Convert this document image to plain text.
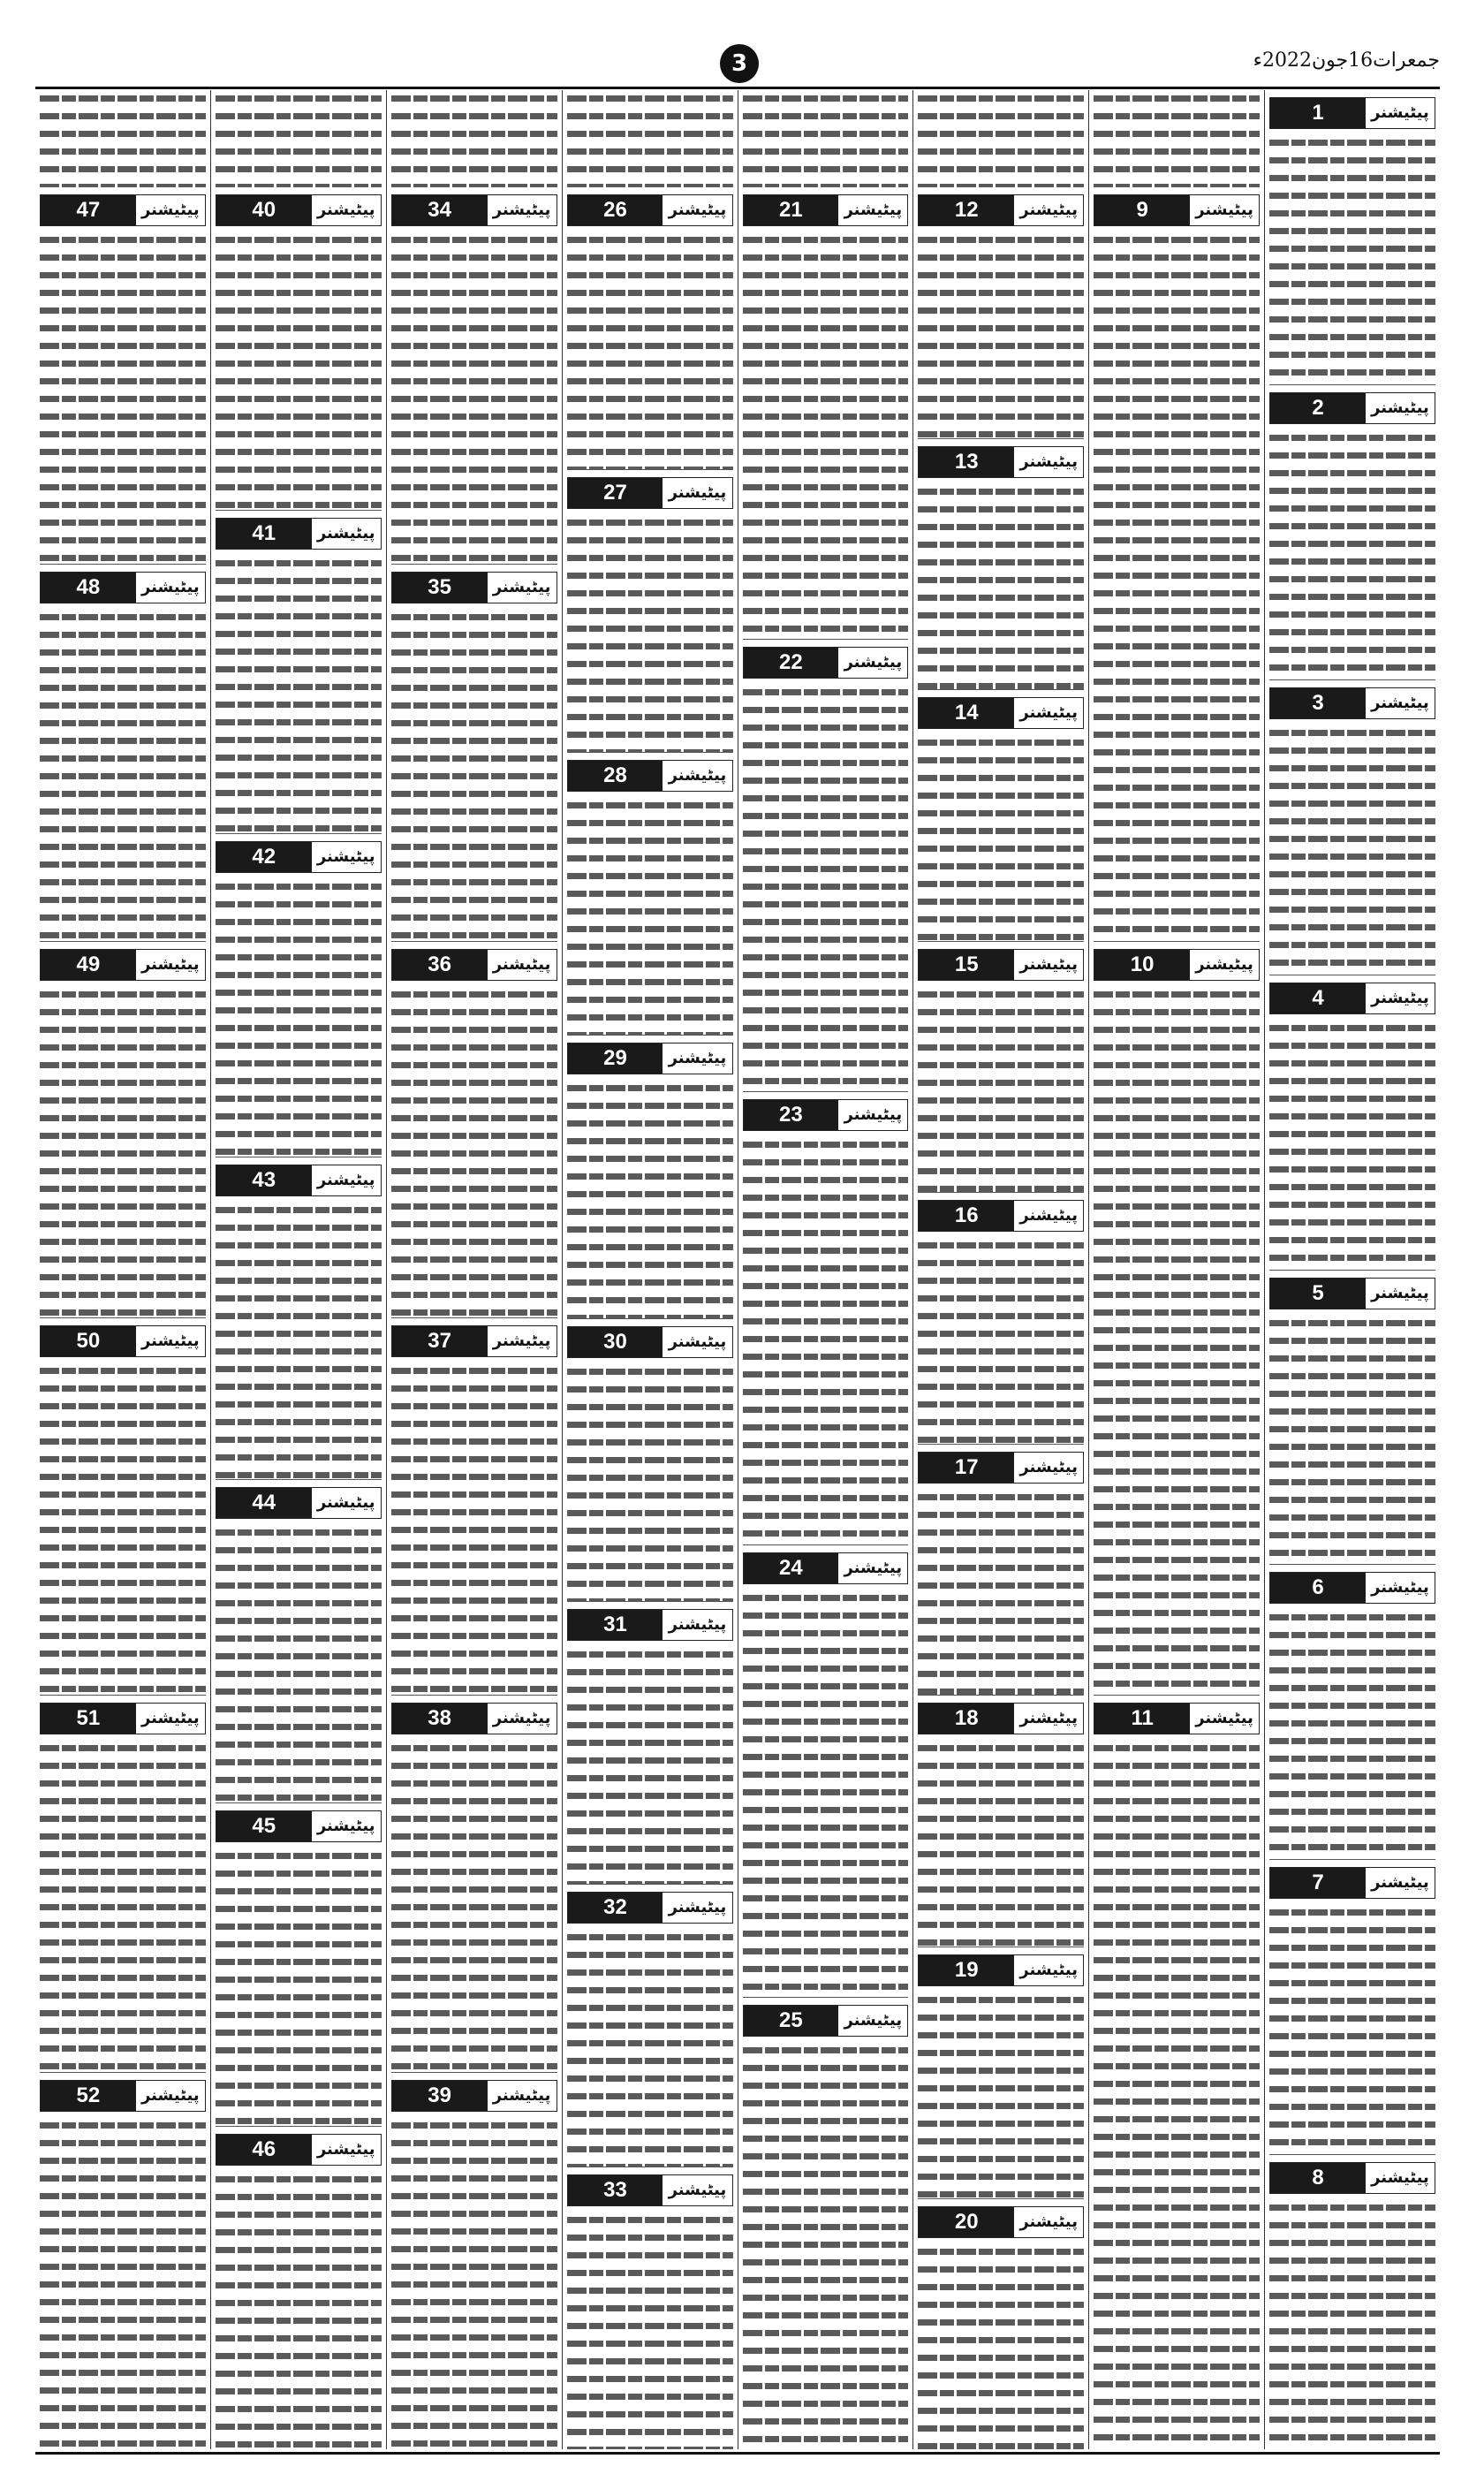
3	جمعرات16جون2022ء
1	پیٹیشنر
2	پیٹیشنر
3	پیٹیشنر
4	پیٹیشنر
5	پیٹیشنر
6	پیٹیشنر
7	پیٹیشنر
8	پیٹیشنر
9	پیٹیشنر
10	پیٹیشنر
11	پیٹیشنر
12	پیٹیشنر
13	پیٹیشنر
14	پیٹیشنر
15	پیٹیشنر
16	پیٹیشنر
17	پیٹیشنر
18	پیٹیشنر
19	پیٹیشنر
20	پیٹیشنر
21	پیٹیشنر
22	پیٹیشنر
23	پیٹیشنر
24	پیٹیشنر
25	پیٹیشنر
26	پیٹیشنر
27	پیٹیشنر
28	پیٹیشنر
29	پیٹیشنر
30	پیٹیشنر
31	پیٹیشنر
32	پیٹیشنر
33	پیٹیشنر
34	پیٹیشنر
35	پیٹیشنر
36	پیٹیشنر
37	پیٹیشنر
38	پیٹیشنر
39	پیٹیشنر
40	پیٹیشنر
41	پیٹیشنر
42	پیٹیشنر
43	پیٹیشنر
44	پیٹیشنر
45	پیٹیشنر
46	پیٹیشنر
47	پیٹیشنر
48	پیٹیشنر
49	پیٹیشنر
50	پیٹیشنر
51	پیٹیشنر
52	پیٹیشنر
